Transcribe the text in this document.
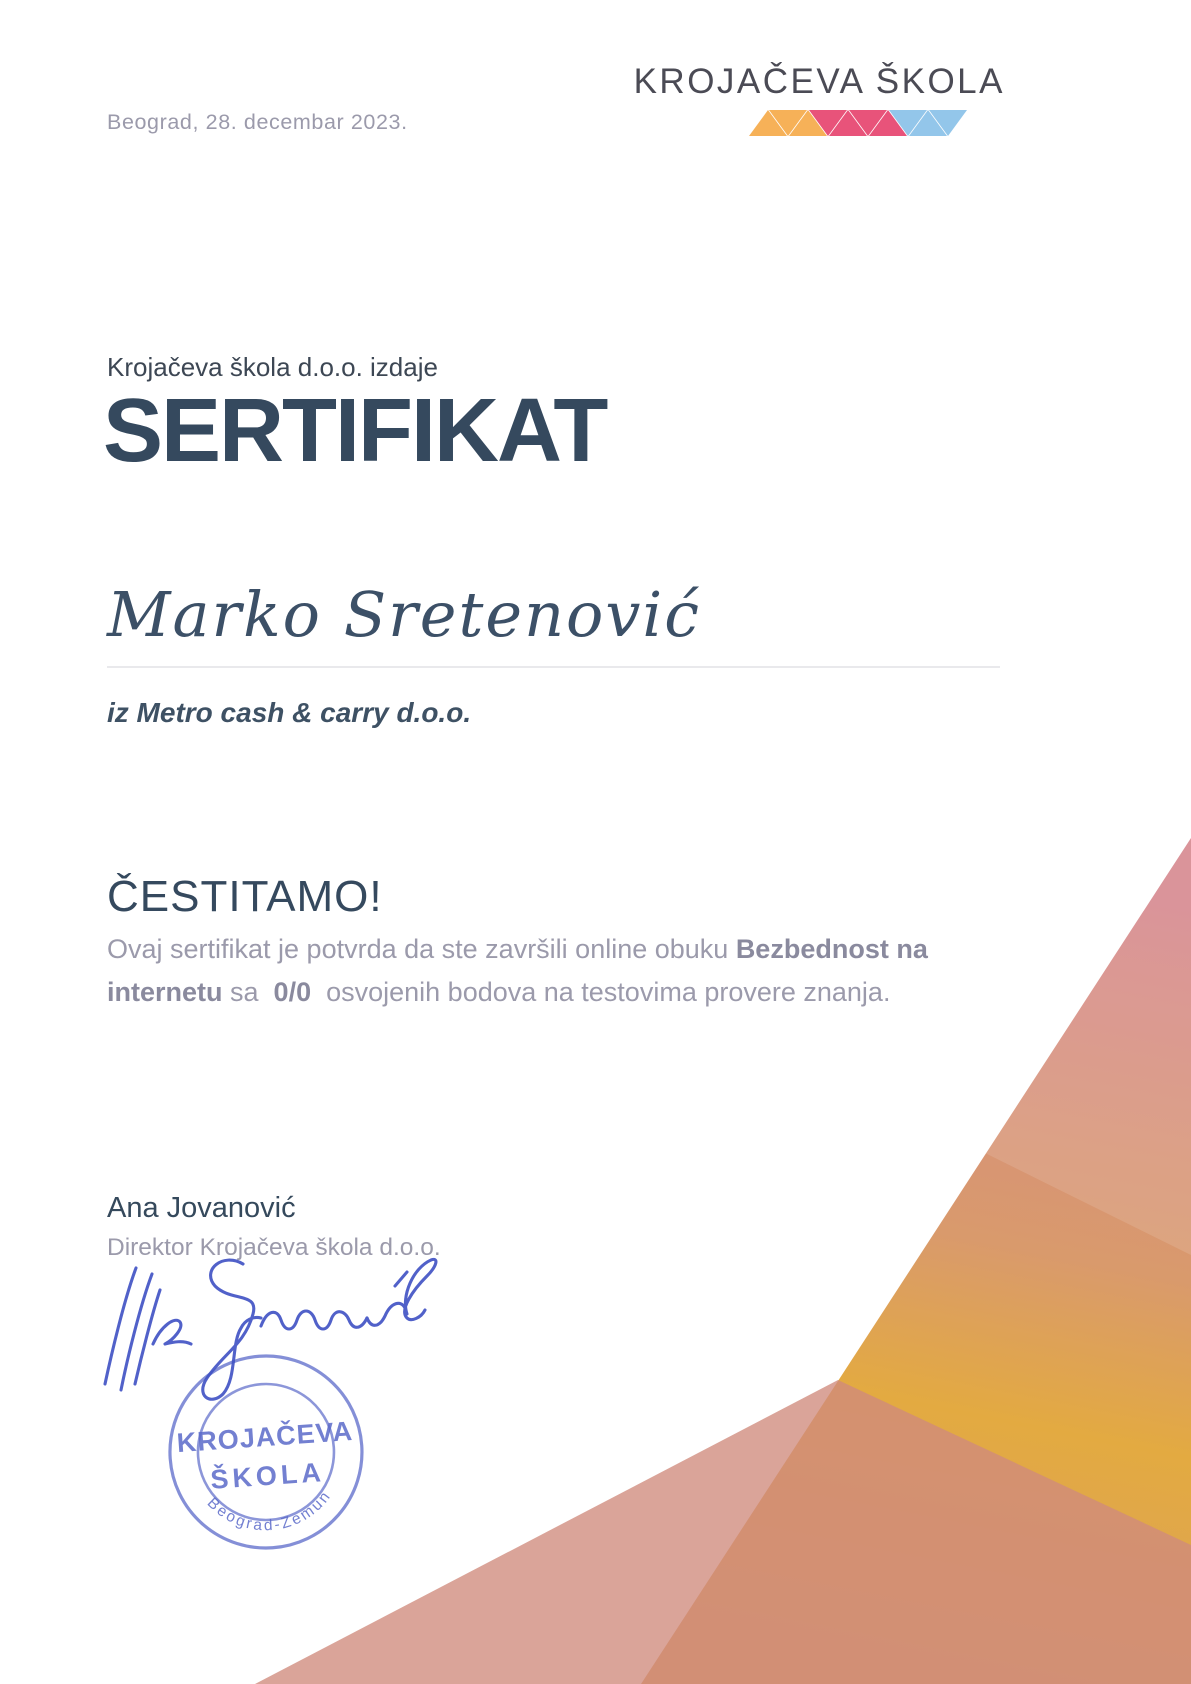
Beograd, 28. decembar 2023.
KROJAČEVA ŠKOLA
Krojačeva škola d.o.o. izdaje
SERTIFIKAT
Marko Sretenović
iz Metro cash & carry d.o.o.
ČESTITAMO!
Ovaj sertifikat je potvrda da ste završili online obuku Bezbednost na internetu sa  0/0  osvojenih bodova na testovima provere znanja.
Ana Jovanović
Direktor Krojačeva škola d.o.o.
KROJAČEVA
ŠKOLA
Beograd-Zemun
